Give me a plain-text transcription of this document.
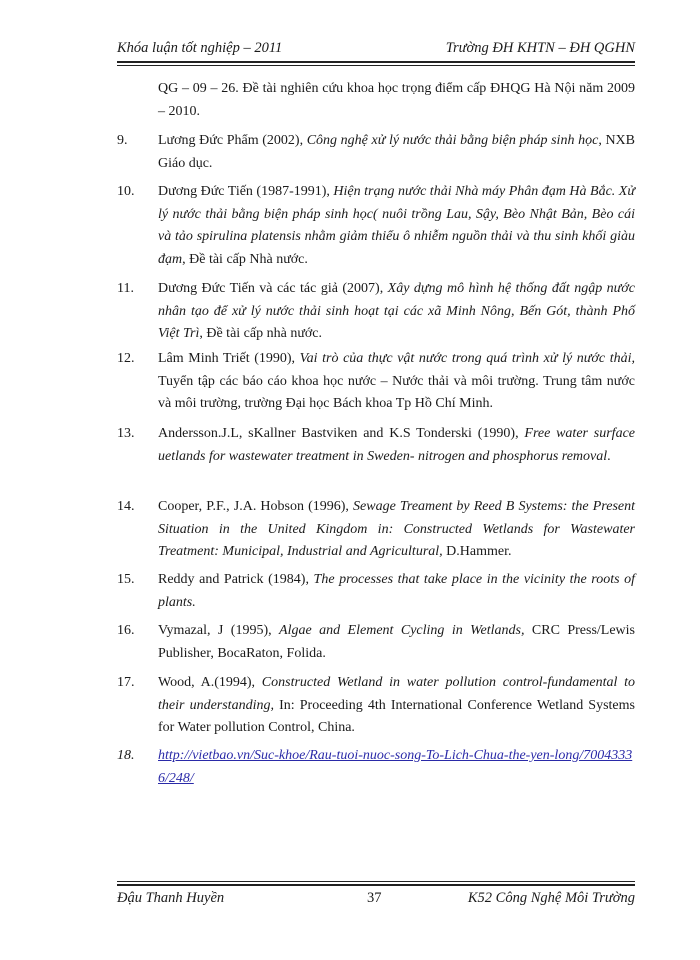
Khóa luận tốt nghiệp – 2011	Trường ĐH KHTN – ĐH QGHN
QG – 09 – 26. Đề tài nghiên cứu khoa học trọng điểm cấp ĐHQG Hà Nội năm 2009 – 2010.
9. Lương Đức Phẩm (2002), Công nghệ xử lý nước thải bằng biện pháp sinh học, NXB Giáo dục.
10. Dương Đức Tiến (1987-1991), Hiện trạng nước thải Nhà máy Phân đạm Hà Bắc. Xử lý nước thải bằng biện pháp sinh học( nuôi trồng Lau, Sậy, Bèo Nhật Bản, Bèo cái và tảo spirulina platensis nhằm giảm thiểu ô nhiễm nguồn thải và thu sinh khối giàu đạm, Đề tài cấp Nhà nước.
11. Dương Đức Tiến và các tác giả (2007), Xây dựng mô hình hệ thống đất ngập nước nhân tạo để xử lý nước thải sinh hoạt tại các xã Minh Nông, Bến Gót, thành Phố Việt Trì, Đề tài cấp nhà nước.
12. Lâm Minh Triết (1990), Vai trò của thực vật nước trong quá trình xử lý nước thải, Tuyển tập các báo cáo khoa học nước – Nước thải và môi trường. Trung tâm nước và môi trường, trường Đại học Bách khoa Tp Hồ Chí Minh.
13. Andersson.J.L, sKallner Bastviken and K.S Tonderski (1990), Free water surface uetlands for wastewater treatment in Sweden- nitrogen and phosphorus removal.
14. Cooper, P.F., J.A. Hobson (1996), Sewage Treament by Reed B Systems: the Present Situation in the United Kingdom in: Constructed Wetlands for Wastewater Treatment: Municipal, Industrial and Agricultural, D.Hammer.
15. Reddy and Patrick (1984), The processes that take place in the vicinity the roots of plants.
16. Vymazal, J (1995), Algae and Element Cycling in Wetlands, CRC Press/Lewis Publisher, BocaRaton, Folida.
17. Wood, A.(1994), Constructed Wetland in water pollution control-fundamental to their understanding, In: Proceeding 4th International Conference Wetland Systems for Water pollution Control, China.
18. http://vietbao.vn/Suc-khoe/Rau-tuoi-nuoc-song-To-Lich-Chua-the-yen-long/70043336/248/
Đậu Thanh Huyền	37	K52 Công Nghệ Môi Trường
